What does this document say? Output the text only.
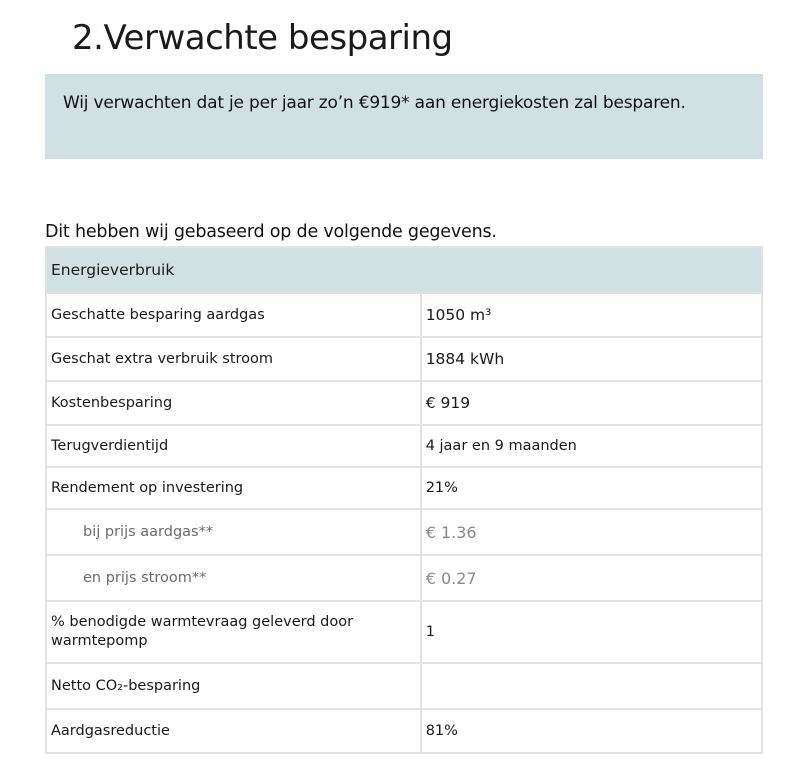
2.Verwachte besparing
Wij verwachten dat je per jaar zo’n €919* aan energiekosten zal besparen.
Dit hebben wij gebaseerd op de volgende gegevens.
Energieverbruik	
Geschatte besparing aardgas	1050 m³
Geschat extra verbruik stroom	1884 kWh
Kostenbesparing	€ 919
Terugverdientijd	4 jaar en 9 maanden
Rendement op investering	21%
bij prijs aardgas**	€ 1.36
en prijs stroom**	€ 0.27
% benodigde warmtevraag geleverd door warmtepomp	1
Netto CO₂-besparing	
Aardgasreductie	81%
